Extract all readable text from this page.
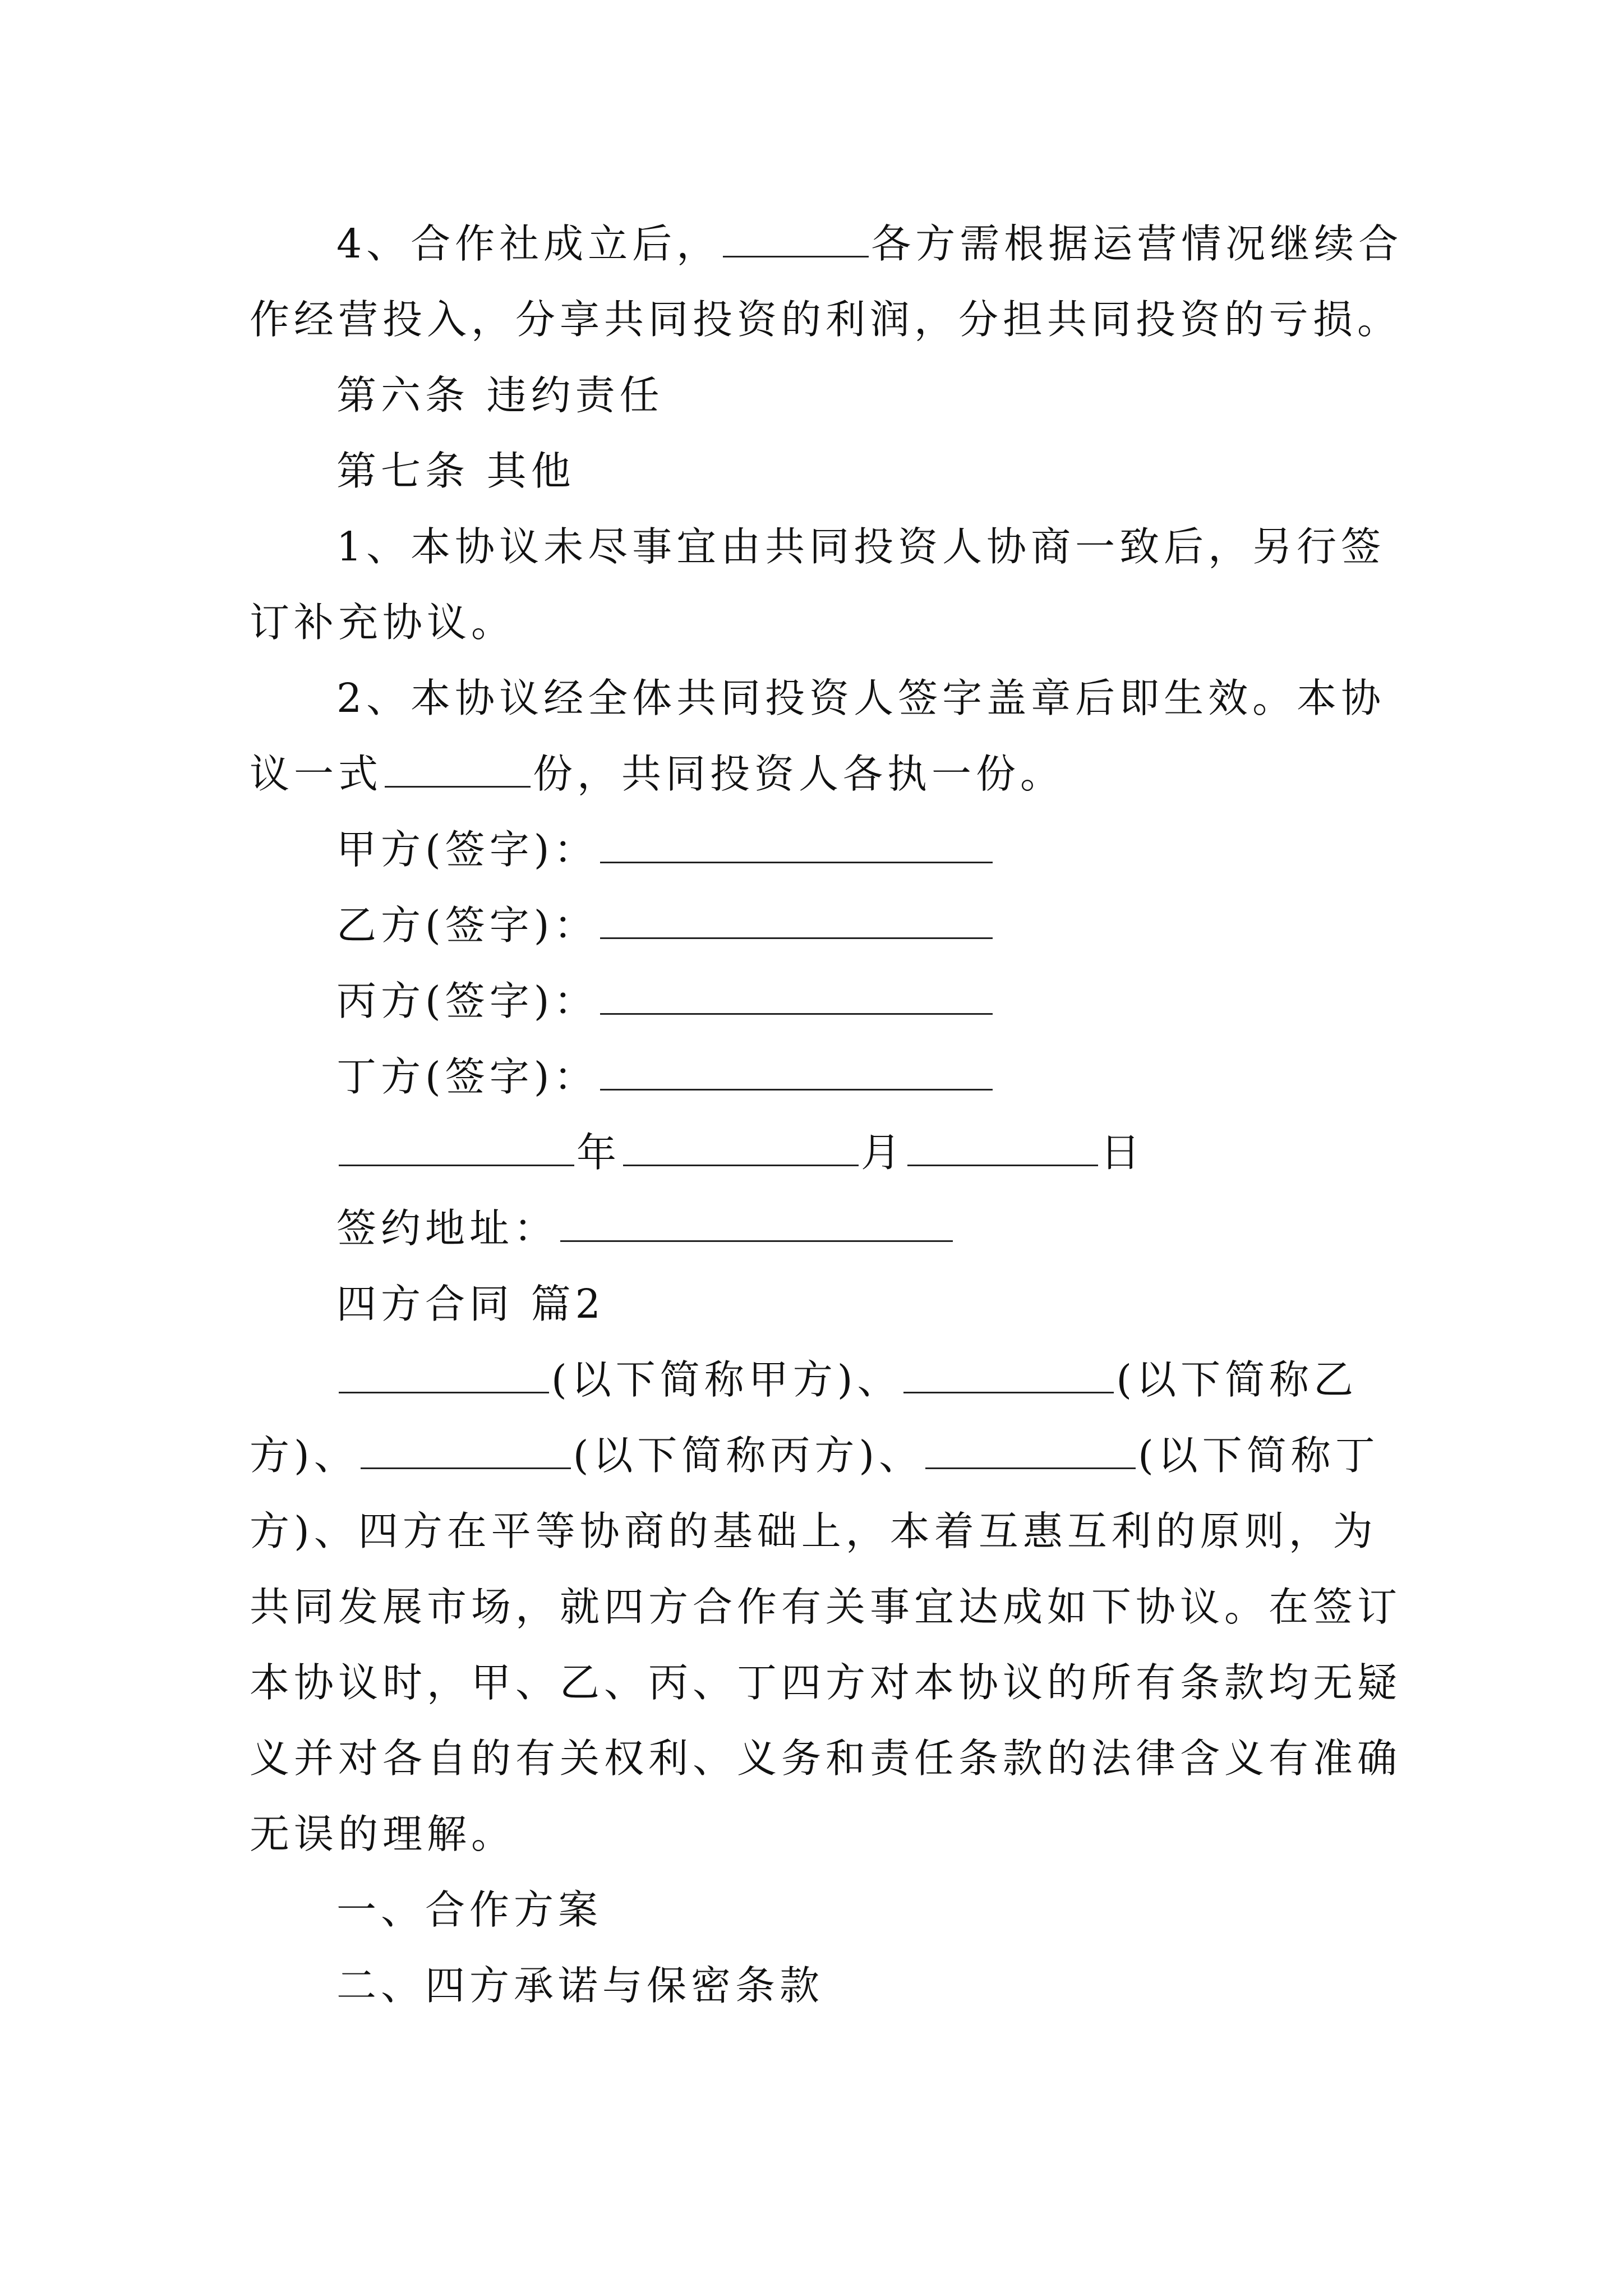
4、合作社成立后，	各方需根据运营情况继续合
作经营投入，分享共同投资的利润，分担共同投资的亏损。
第六条 违约责任
第七条 其他
1、本协议未尽事宜由共同投资人协商一致后，另行签
订补充协议。
2、本协议经全体共同投资人签字盖章后即生效。本协
议一式	份，共同投资人各执一份。
甲方(签字)：
乙方(签字)：
丙方(签字)：
丁方(签字)：
年	月	日
签约地址：
四方合同 篇2
(以下简称甲方)、	(以下简称乙
方)、	(以下简称丙方)、	(以下简称丁
方)、四方在平等协商的基础上，本着互惠互利的原则，为
共同发展市场，就四方合作有关事宜达成如下协议。在签订
本协议时，甲、乙、丙、丁四方对本协议的所有条款均无疑
义并对各自的有关权利、义务和责任条款的法律含义有准确
无误的理解。
一、合作方案
二、四方承诺与保密条款
